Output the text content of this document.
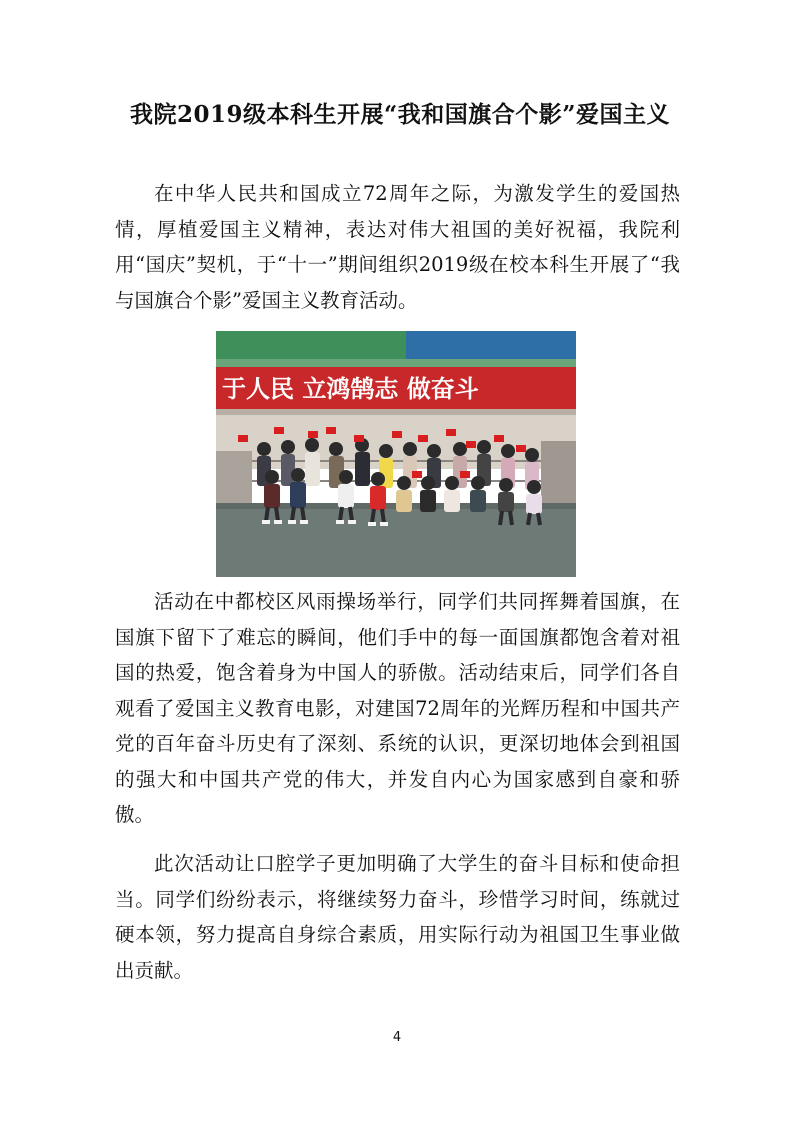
我院2019级本科生开展“我和国旗合个影”爱国主义

在中华人民共和国成立72周年之际，为激发学生的爱国热情，厚植爱国主义精神，表达对伟大祖国的美好祝福，我院利用“国庆”契机，于“十一”期间组织2019级在校本科生开展了“我与国旗合个影”爱国主义教育活动。

于人民 立鸿鹄志 做奋斗

活动在中都校区风雨操场举行，同学们共同挥舞着国旗，在国旗下留下了难忘的瞬间，他们手中的每一面国旗都饱含着对祖国的热爱，饱含着身为中国人的骄傲。活动结束后，同学们各自观看了爱国主义教育电影，对建国72周年的光辉历程和中国共产党的百年奋斗历史有了深刻、系统的认识，更深切地体会到祖国的强大和中国共产党的伟大，并发自内心为国家感到自豪和骄傲。

此次活动让口腔学子更加明确了大学生的奋斗目标和使命担当。同学们纷纷表示，将继续努力奋斗，珍惜学习时间，练就过硬本领，努力提高自身综合素质，用实际行动为祖国卫生事业做出贡献。

4
